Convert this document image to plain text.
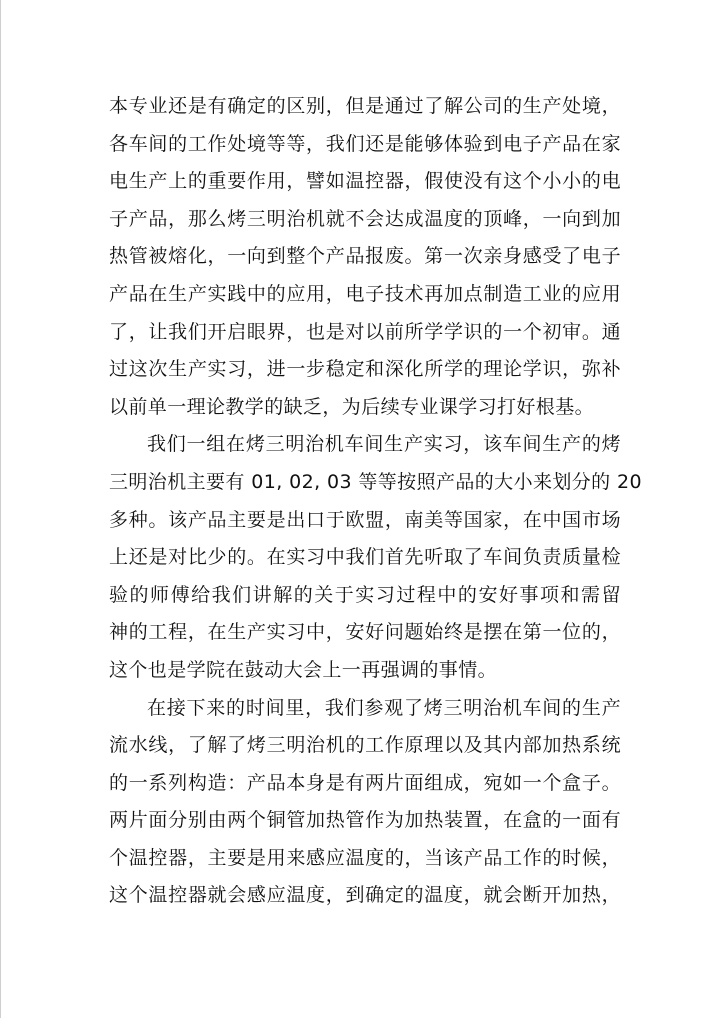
本专业还是有确定的区别，但是通过了解公司的生产处境，
各车间的工作处境等等，我们还是能够体验到电子产品在家
电生产上的重要作用，譬如温控器，假使没有这个小小的电
子产品，那么烤三明治机就不会达成温度的顶峰，一向到加
热管被熔化，一向到整个产品报废。第一次亲身感受了电子
产品在生产实践中的应用，电子技术再加点制造工业的应用
了，让我们开启眼界，也是对以前所学学识的一个初审。通
过这次生产实习，进一步稳定和深化所学的理论学识，弥补
以前单一理论教学的缺乏，为后续专业课学习打好根基。

我们一组在烤三明治机车间生产实习，该车间生产的烤
三明治机主要有 01, 02, 03 等等按照产品的大小来划分的 20
多种。该产品主要是出口于欧盟，南美等国家，在中国市场
上还是对比少的。在实习中我们首先听取了车间负责质量检
验的师傅给我们讲解的关于实习过程中的安好事项和需留
神的工程，在生产实习中，安好问题始终是摆在第一位的，
这个也是学院在鼓动大会上一再强调的事情。

在接下来的时间里，我们参观了烤三明治机车间的生产
流水线，了解了烤三明治机的工作原理以及其内部加热系统
的一系列构造：产品本身是有两片面组成，宛如一个盒子。
两片面分别由两个铜管加热管作为加热装置，在盒的一面有
个温控器，主要是用来感应温度的，当该产品工作的时候，
这个温控器就会感应温度，到确定的温度，就会断开加热，
